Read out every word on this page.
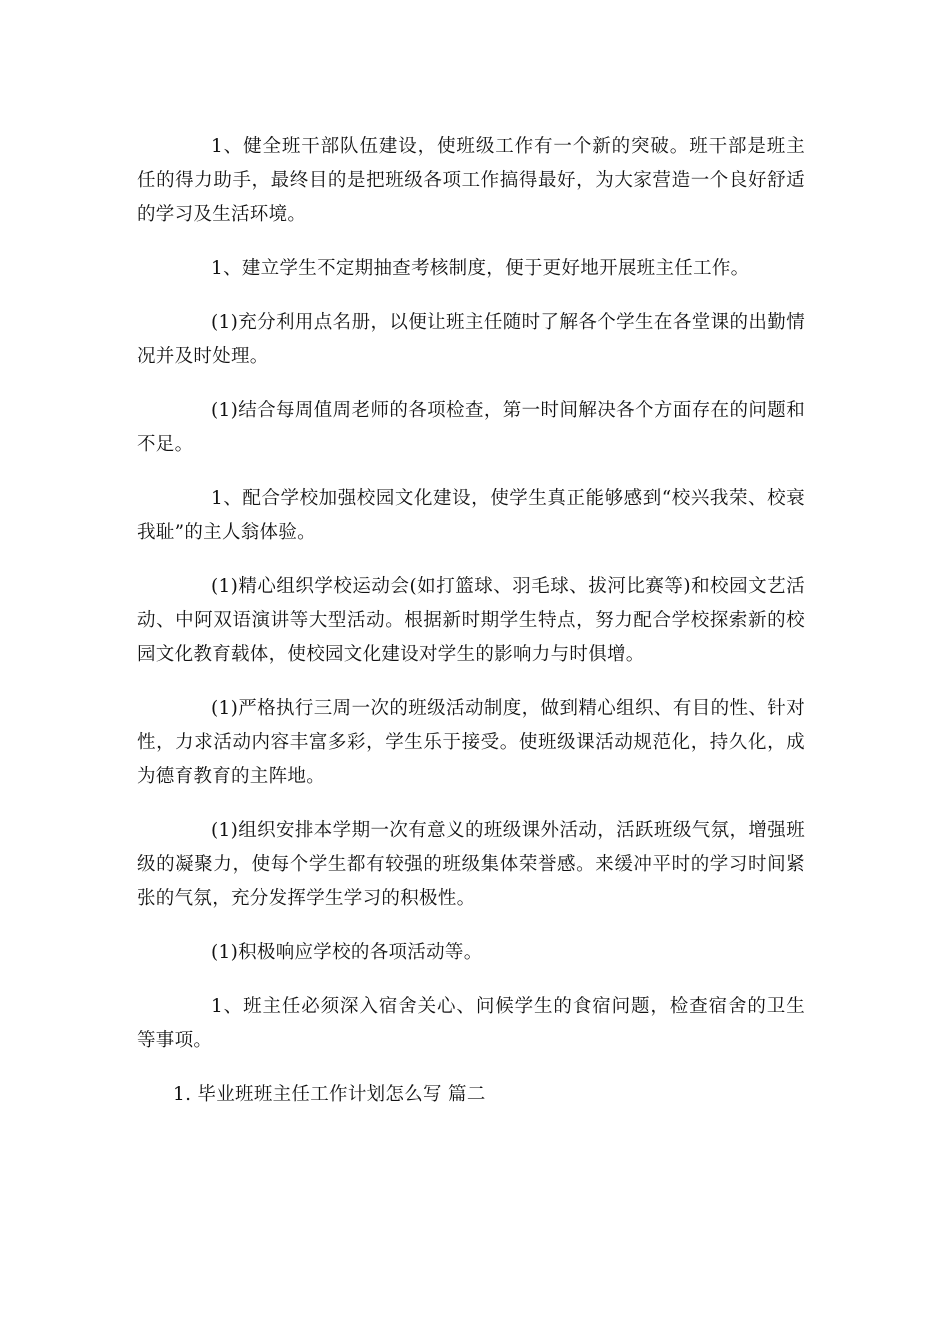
1、健全班干部队伍建设，使班级工作有一个新的突破。班干部是班主任的得力助手，最终目的是把班级各项工作搞得最好，为大家营造一个良好舒适的学习及生活环境。

1、建立学生不定期抽查考核制度，便于更好地开展班主任工作。

(1)充分利用点名册，以便让班主任随时了解各个学生在各堂课的出勤情况并及时处理。

(1)结合每周值周老师的各项检查，第一时间解决各个方面存在的问题和不足。

1、配合学校加强校园文化建设，使学生真正能够感到“校兴我荣、校衰我耻”的主人翁体验。

(1)精心组织学校运动会(如打篮球、羽毛球、拔河比赛等)和校园文艺活动、中阿双语演讲等大型活动。根据新时期学生特点，努力配合学校探索新的校园文化教育载体，使校园文化建设对学生的影响力与时俱增。

(1)严格执行三周一次的班级活动制度，做到精心组织、有目的性、针对性，力求活动内容丰富多彩，学生乐于接受。使班级课活动规范化，持久化，成为德育教育的主阵地。

(1)组织安排本学期一次有意义的班级课外活动，活跃班级气氛，增强班级的凝聚力，使每个学生都有较强的班级集体荣誉感。来缓冲平时的学习时间紧张的气氛，充分发挥学生学习的积极性。

(1)积极响应学校的各项活动等。

1、班主任必须深入宿舍关心、问候学生的食宿问题，检查宿舍的卫生等事项。

1. 毕业班班主任工作计划怎么写 篇二
